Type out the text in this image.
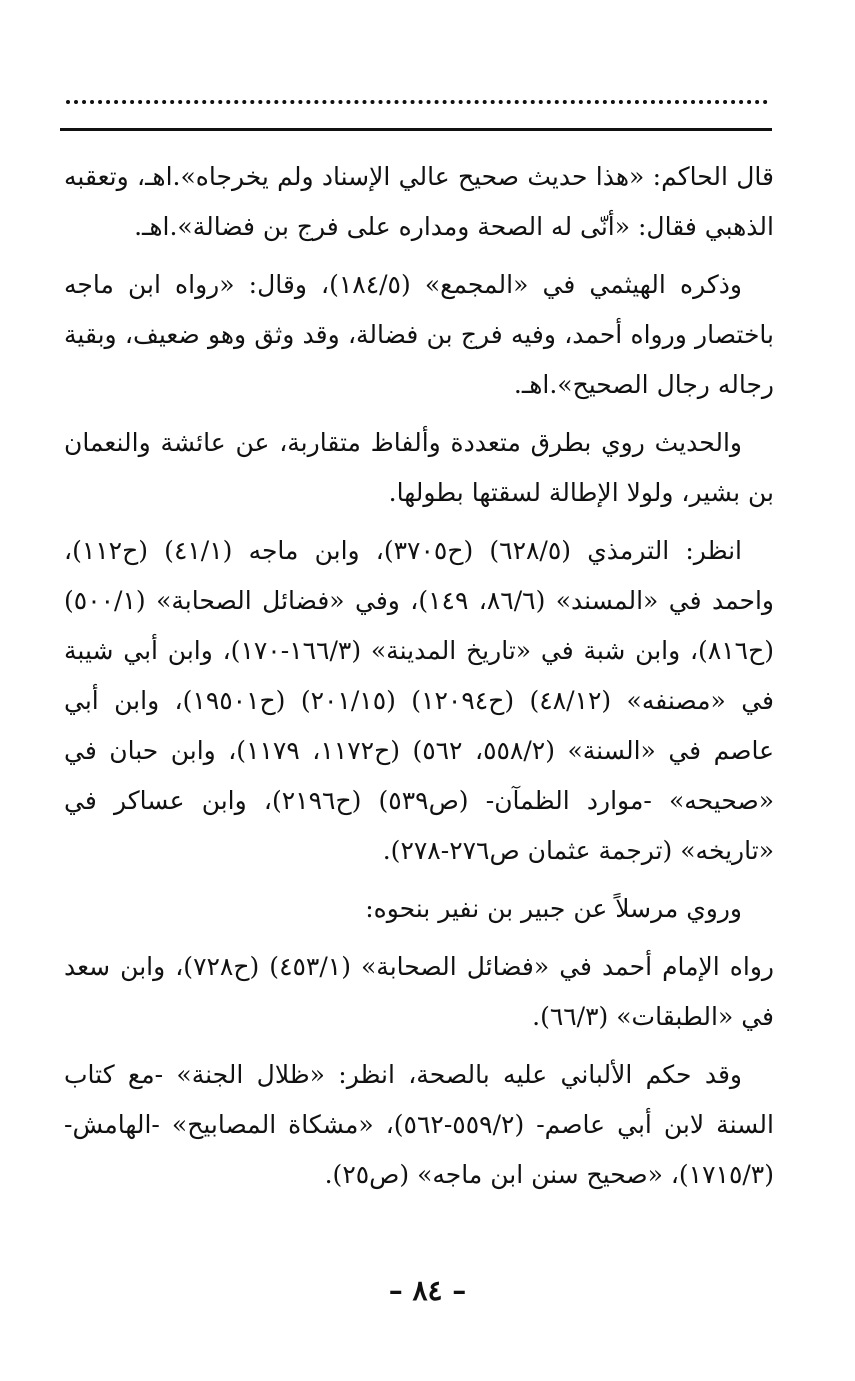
قال الحاكم: «هذا حديث صحيح عالي الإسناد ولم يخرجاه».اهـ، وتعقبه الذهبي فقال: «أنّى له الصحة ومداره على فرج بن فضالة».اهـ.

وذكره الهيثمي في «المجمع» (١٨٤/٥)، وقال: «رواه ابن ماجه باختصار ورواه أحمد، وفيه فرج بن فضالة، وقد وثق وهو ضعيف، وبقية رجاله رجال الصحيح».اهـ.

والحديث روي بطرق متعددة وألفاظ متقاربة، عن عائشة والنعمان بن بشير، ولولا الإطالة لسقتها بطولها.

انظر: الترمذي (٦٢٨/٥) (ح٣٧٠٥)، وابن ماجه (٤١/١) (ح١١٢)، واحمد في «المسند» (٨٦/٦، ١٤٩)، وفي «فضائل الصحابة» (٥٠٠/١) (ح٨١٦)، وابن شبة في «تاريخ المدينة» (١٦٦/٣-١٧٠)، وابن أبي شيبة في «مصنفه» (٤٨/١٢) (ح١٢٠٩٤) (٢٠١/١٥) (ح١٩٥٠١)، وابن أبي عاصم في «السنة» (٥٥٨/٢، ٥٦٢) (ح١١٧٢، ١١٧٩)، وابن حبان في «صحيحه» -موارد الظمآن- (ص٥٣٩) (ح٢١٩٦)، وابن عساكر في «تاريخه» (ترجمة عثمان ص٢٧٦-٢٧٨).

وروي مرسلاً عن جبير بن نفير بنحوه:

رواه الإمام أحمد في «فضائل الصحابة» (٤٥٣/١) (ح٧٢٨)، وابن سعد في «الطبقات» (٦٦/٣).

وقد حكم الألباني عليه بالصحة، انظر: «ظلال الجنة» -مع كتاب السنة لابن أبي عاصم- (٥٥٩/٢-٥٦٢)، «مشكاة المصابيح» -الهامش- (١٧١٥/٣)، «صحيح سنن ابن ماجه» (ص٢٥).

– ٨٤ –
